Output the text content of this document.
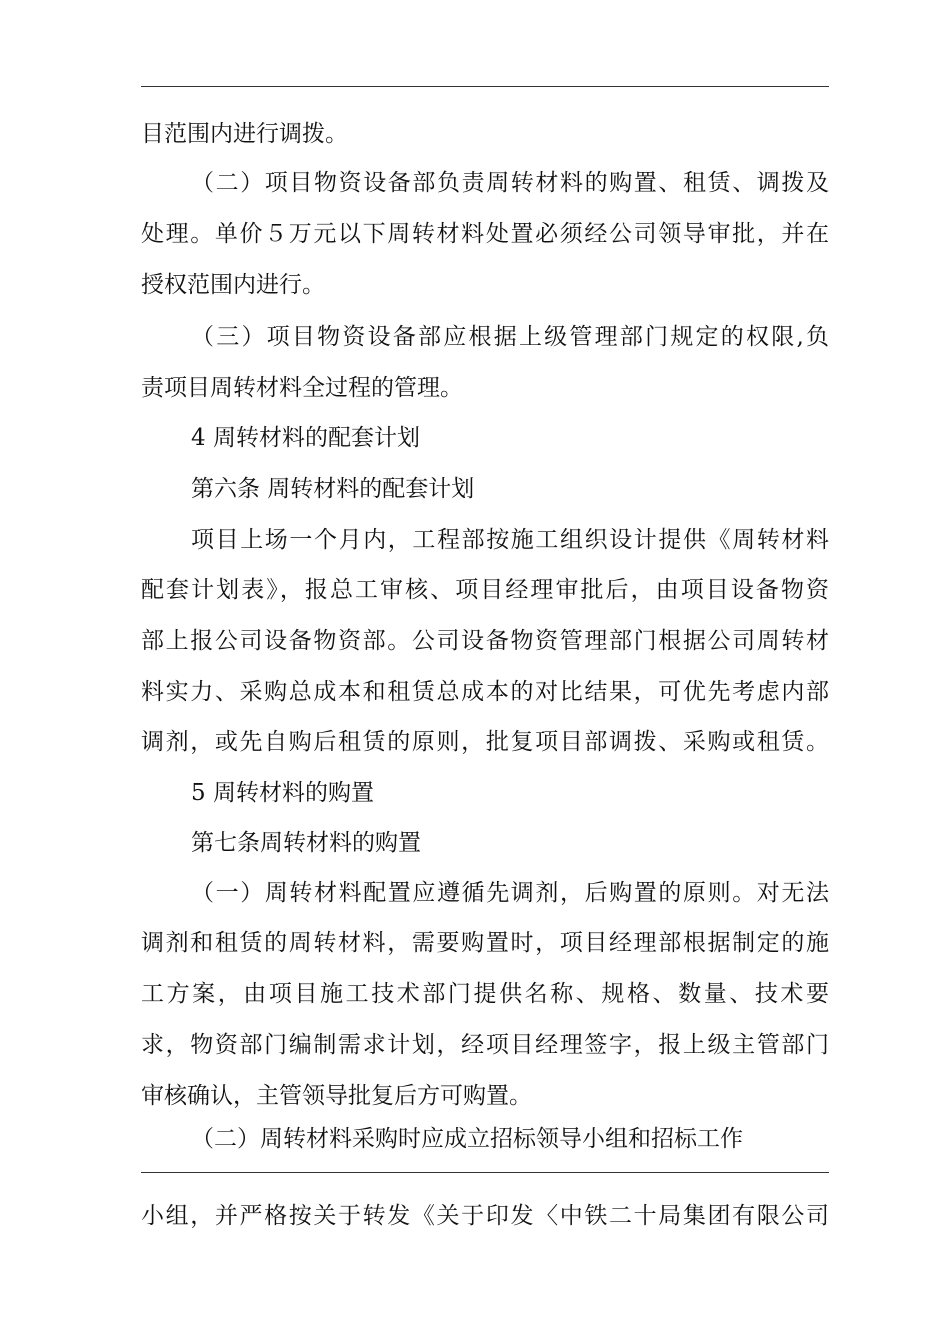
目范围内进行调拨。
（二）项目物资设备部负责周转材料的购置、租赁、调拨及
处理。单价５万元以下周转材料处置必须经公司领导审批，并在
授权范围内进行。
（三）项目物资设备部应根据上级管理部门规定的权限,负
责项目周转材料全过程的管理。
4 周转材料的配套计划
第六条 周转材料的配套计划
项目上场一个月内，工程部按施工组织设计提供《周转材料
配套计划表》，报总工审核、项目经理审批后，由项目设备物资
部上报公司设备物资部。公司设备物资管理部门根据公司周转材
料实力、采购总成本和租赁总成本的对比结果，可优先考虑内部
调剂，或先自购后租赁的原则，批复项目部调拨、采购或租赁。
5 周转材料的购置
第七条周转材料的购置
（一）周转材料配置应遵循先调剂，后购置的原则。对无法
调剂和租赁的周转材料，需要购置时，项目经理部根据制定的施
工方案，由项目施工技术部门提供名称、规格、数量、技术要
求，物资部门编制需求计划，经项目经理签字，报上级主管部门
审核确认，主管领导批复后方可购置。
（二）周转材料采购时应成立招标领导小组和招标工作
小组，并严格按关于转发《关于印发〈中铁二十局集团有限公司
